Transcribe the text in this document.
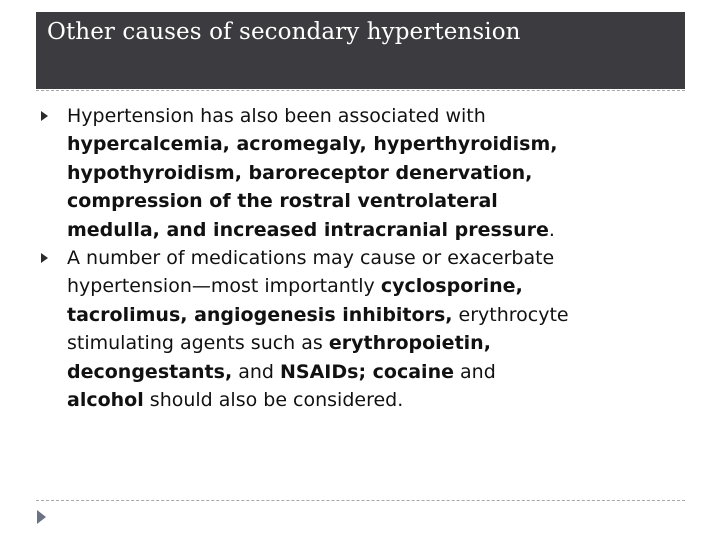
Other causes of secondary hypertension
Hypertension has also been associated with
hypercalcemia, acromegaly, hyperthyroidism,
hypothyroidism, baroreceptor denervation,
compression of the rostral ventrolateral
medulla, and increased intracranial pressure.
A number of medications may cause or exacerbate
hypertension—most importantly cyclosporine,
tacrolimus, angiogenesis inhibitors, erythrocyte
stimulating agents such as erythropoietin,
decongestants, and NSAIDs; cocaine and
alcohol should also be considered.
